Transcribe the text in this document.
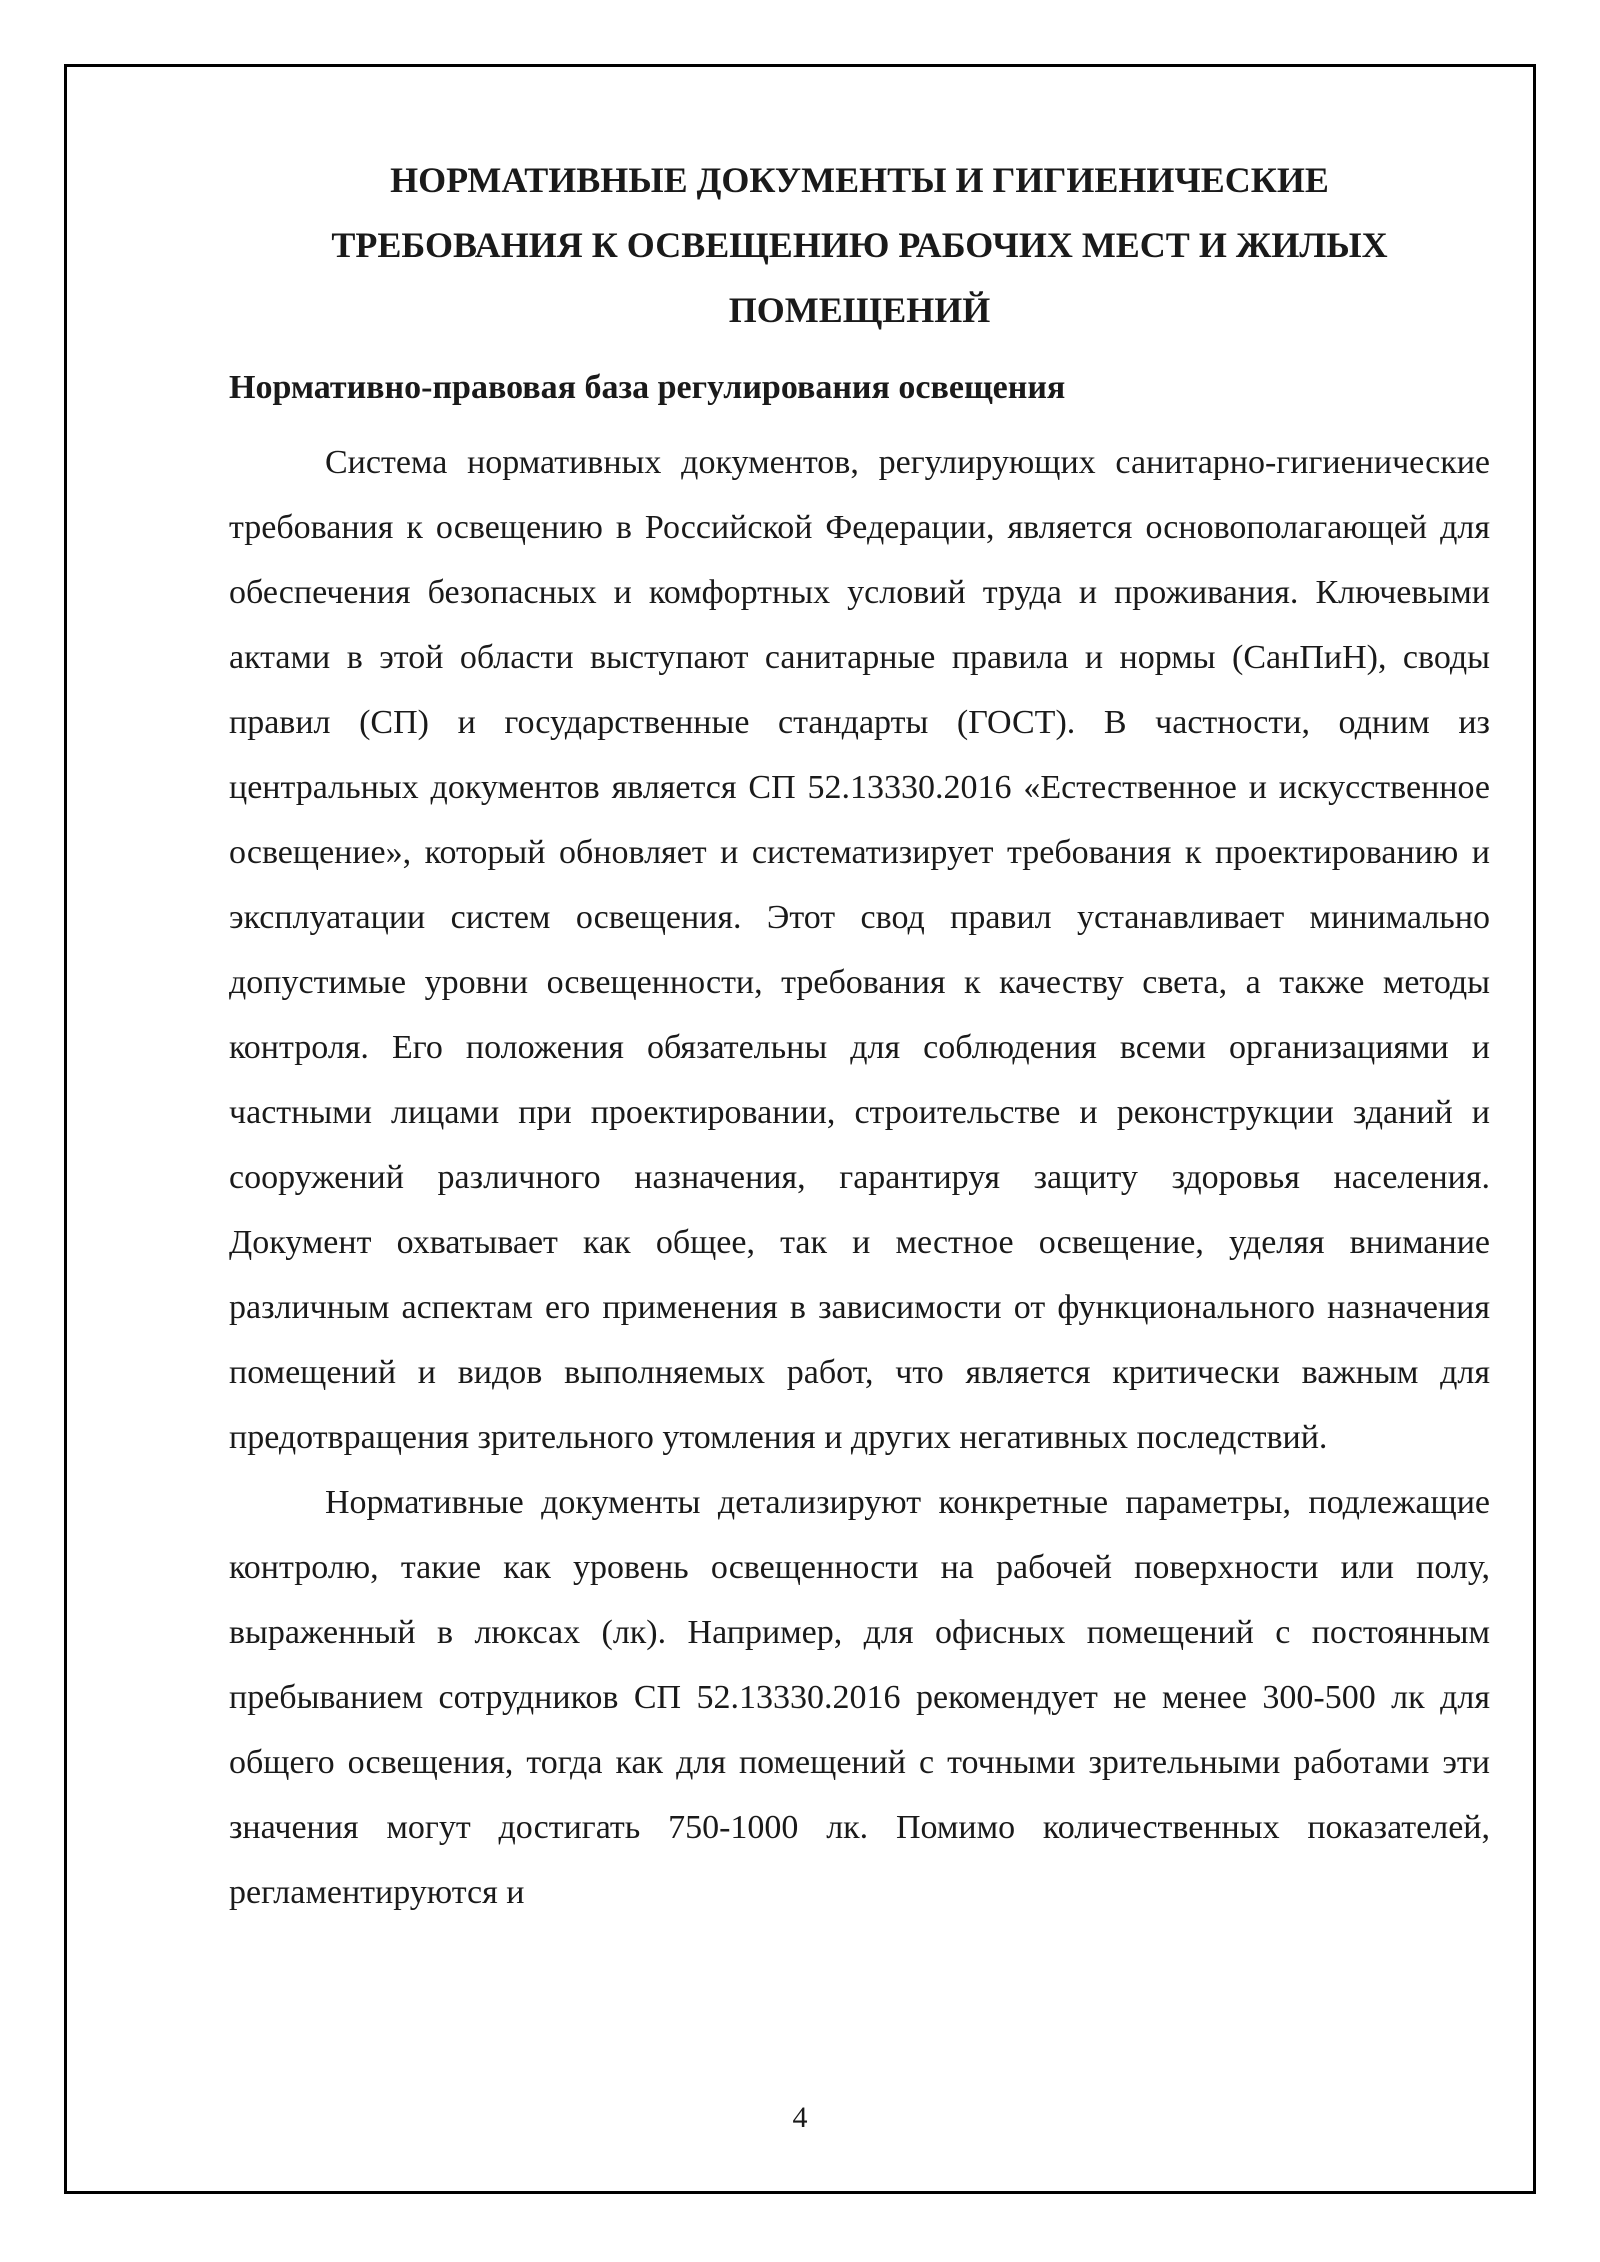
НОРМАТИВНЫЕ ДОКУМЕНТЫ И ГИГИЕНИЧЕСКИЕ ТРЕБОВАНИЯ К ОСВЕЩЕНИЮ РАБОЧИХ МЕСТ И ЖИЛЫХ ПОМЕЩЕНИЙ
Нормативно-правовая база регулирования освещения

Система нормативных документов, регулирующих санитарно-гигиенические требования к освещению в Российской Федерации, является основополагающей для обеспечения безопасных и комфортных условий труда и проживания. Ключевыми актами в этой области выступают санитарные правила и нормы (СанПиН), своды правил (СП) и государственные стандарты (ГОСТ). В частности, одним из центральных документов является СП 52.13330.2016 «Естественное и искусственное освещение», который обновляет и систематизирует требования к проектированию и эксплуатации систем освещения. Этот свод правил устанавливает минимально допустимые уровни освещенности, требования к качеству света, а также методы контроля. Его положения обязательны для соблюдения всеми организациями и частными лицами при проектировании, строительстве и реконструкции зданий и сооружений различного назначения, гарантируя защиту здоровья населения. Документ охватывает как общее, так и местное освещение, уделяя внимание различным аспектам его применения в зависимости от функционального назначения помещений и видов выполняемых работ, что является критически важным для предотвращения зрительного утомления и других негативных последствий.

Нормативные документы детализируют конкретные параметры, подлежащие контролю, такие как уровень освещенности на рабочей поверхности или полу, выраженный в люксах (лк). Например, для офисных помещений с постоянным пребыванием сотрудников СП 52.13330.2016 рекомендует не менее 300-500 лк для общего освещения, тогда как для помещений с точными зрительными работами эти значения могут достигать 750-1000 лк. Помимо количественных показателей, регламентируются и

4
